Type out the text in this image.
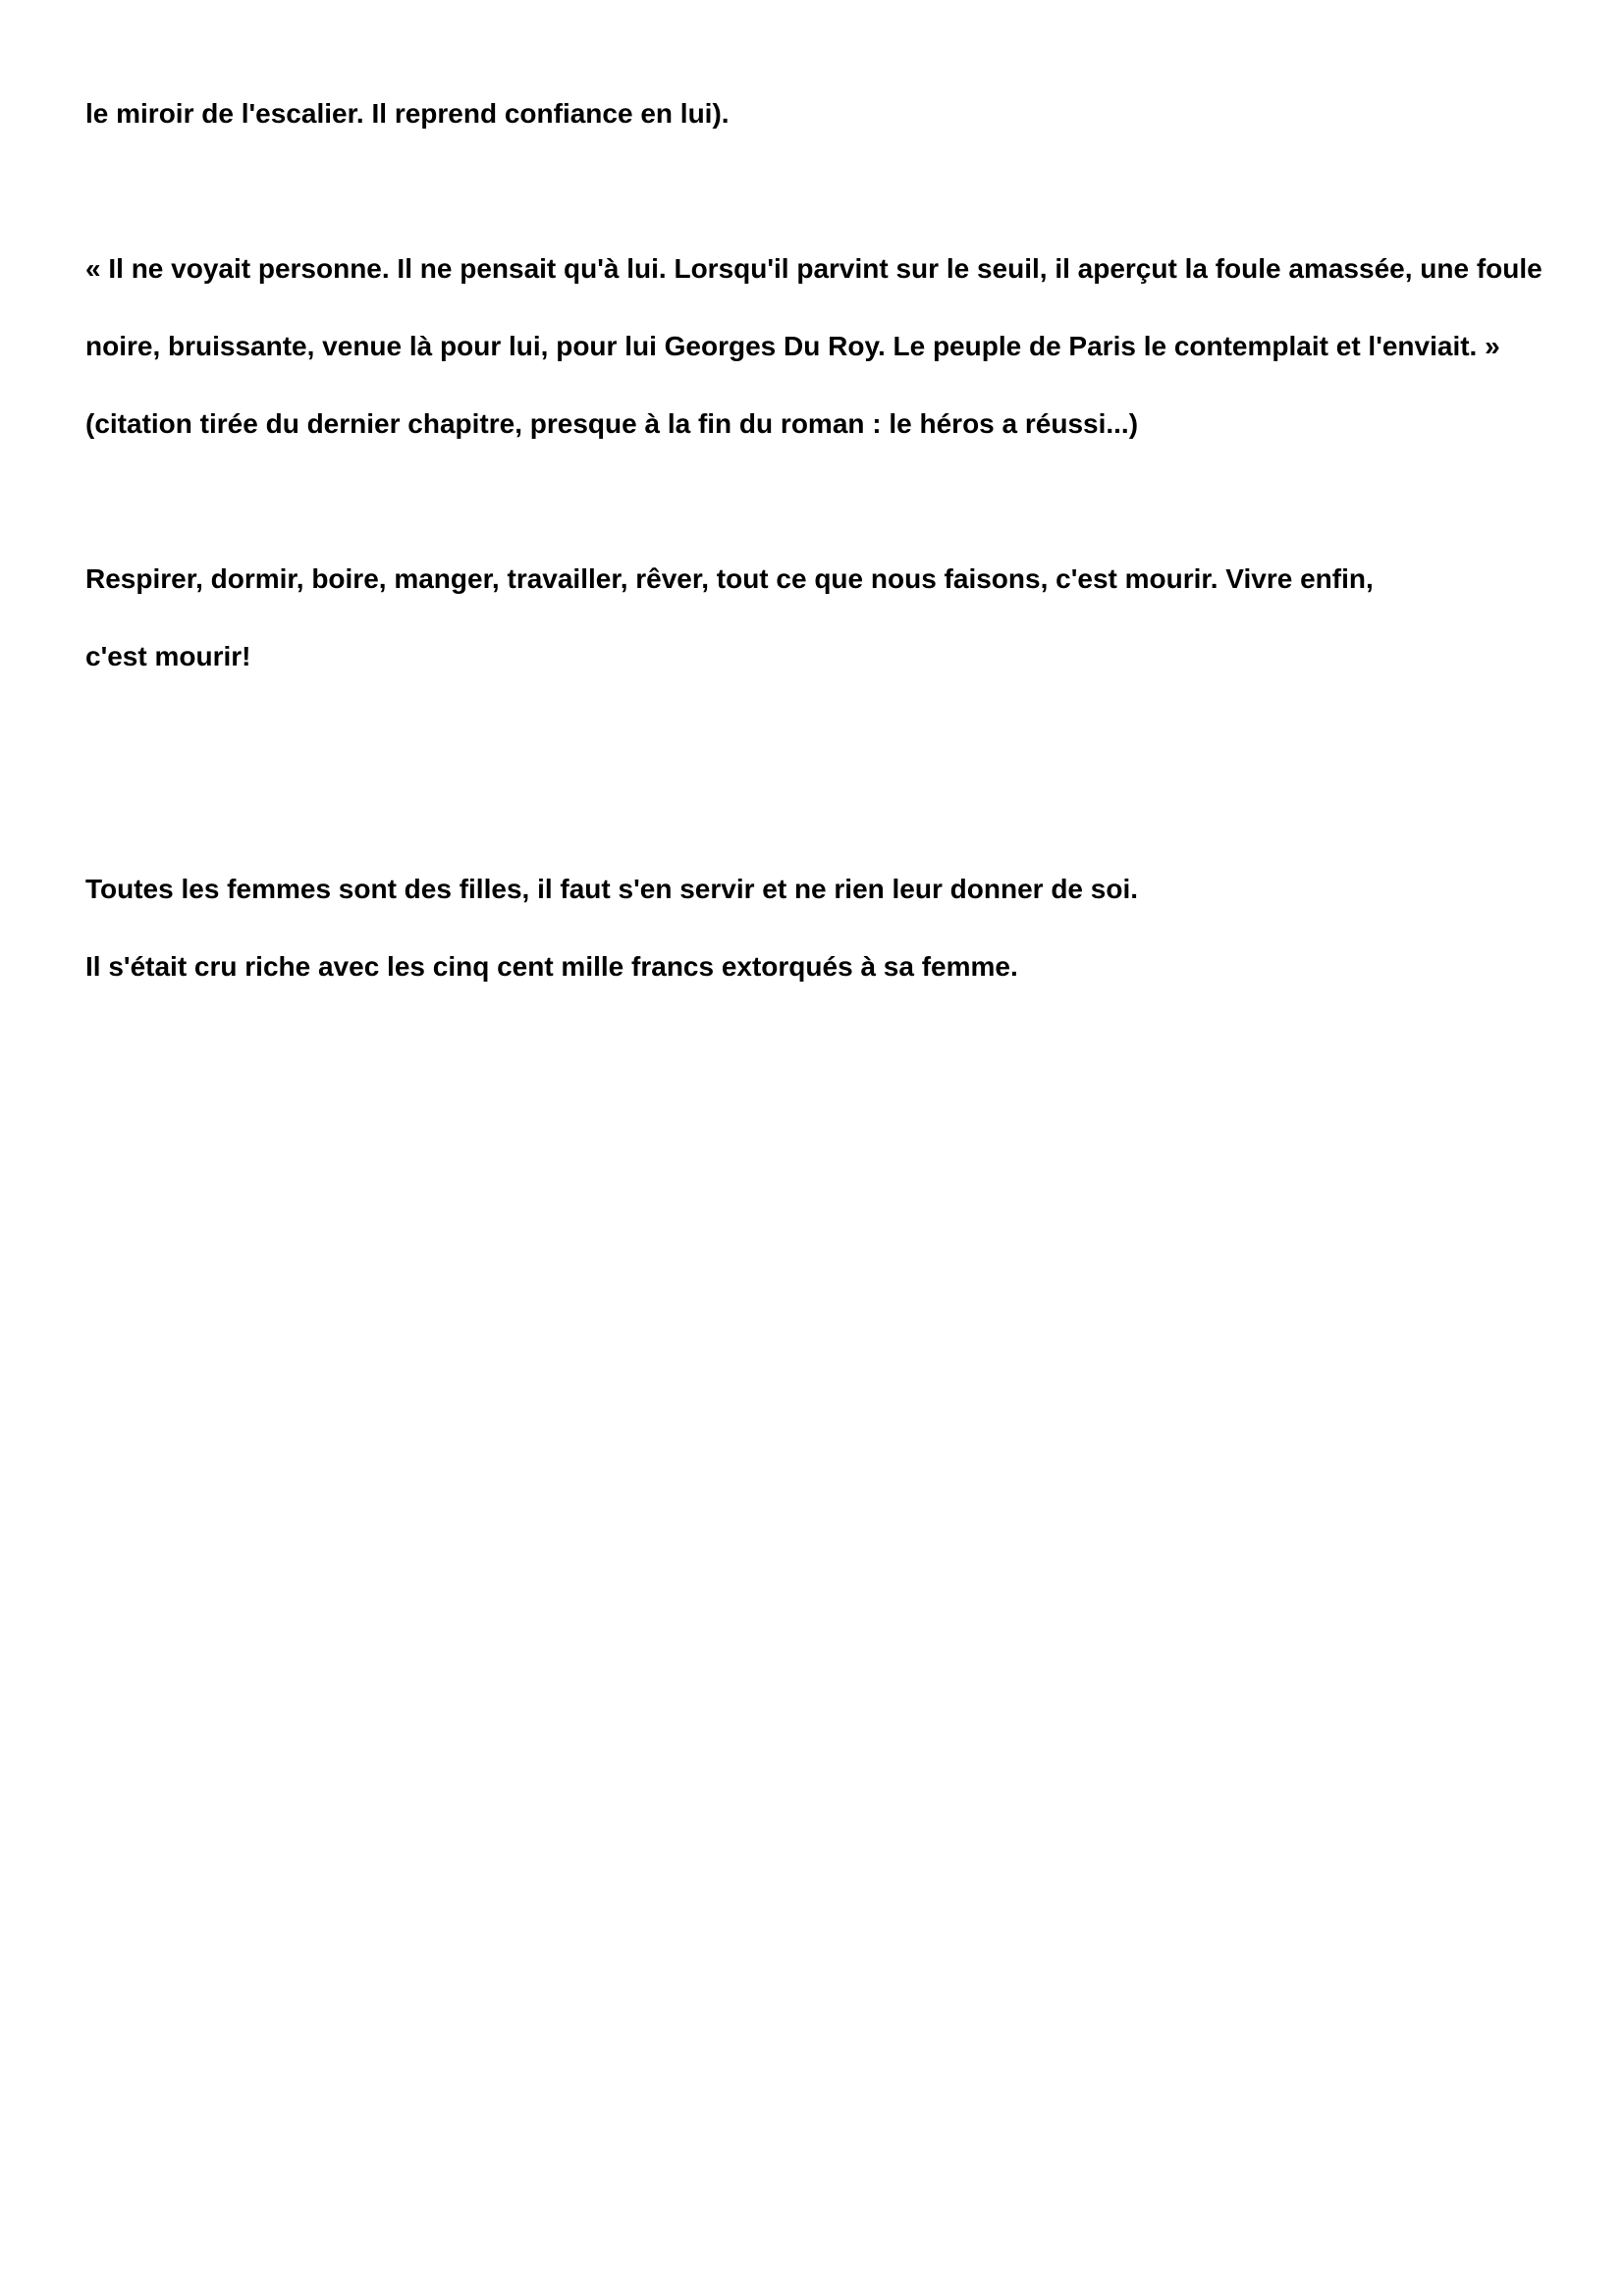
le miroir de l'escalier. Il reprend confiance en lui).

« Il ne voyait personne. Il ne pensait qu'à lui. Lorsqu'il parvint sur le seuil, il aperçut la foule amassée, une foule

noire, bruissante, venue là pour lui, pour lui Georges Du Roy. Le peuple de Paris le contemplait et l'enviait. »

(citation tirée du dernier chapitre, presque à la fin du roman : le héros a réussi...)

Respirer, dormir, boire, manger, travailler, rêver, tout ce que nous faisons, c'est mourir. Vivre enfin,

c'est mourir!

Toutes les femmes sont des filles, il faut s'en servir et ne rien leur donner de soi.

Il s'était cru riche avec les cinq cent mille francs extorqués à sa femme.
